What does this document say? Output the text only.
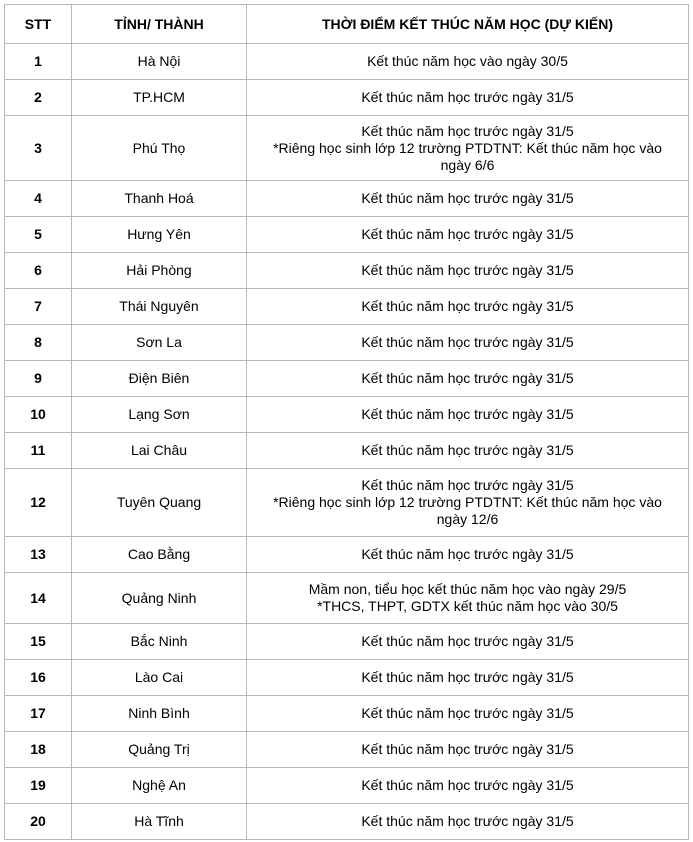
STT	TỈNH/ THÀNH	THỜI ĐIỂM KẾT THÚC NĂM HỌC (DỰ KIẾN)
1	Hà Nội	Kết thúc năm học vào ngày 30/5

2	TP.HCM	Kết thúc năm học trước ngày 31/5

3	Phú Thọ	Kết thúc năm học trước ngày 31/5
*Riêng học sinh lớp 12 trường PTDTNT: Kết thúc năm học vào
ngày 6/6

4	Thanh Hoá	Kết thúc năm học trước ngày 31/5

5	Hưng Yên	Kết thúc năm học trước ngày 31/5

6	Hải Phòng	Kết thúc năm học trước ngày 31/5

7	Thái Nguyên	Kết thúc năm học trước ngày 31/5

8	Sơn La	Kết thúc năm học trước ngày 31/5

9	Điện Biên	Kết thúc năm học trước ngày 31/5

10	Lạng Sơn	Kết thúc năm học trước ngày 31/5

11	Lai Châu	Kết thúc năm học trước ngày 31/5

12	Tuyên Quang	Kết thúc năm học trước ngày 31/5
*Riêng học sinh lớp 12 trường PTDTNT: Kết thúc năm học vào
ngày 12/6

13	Cao Bằng	Kết thúc năm học trước ngày 31/5

14	Quảng Ninh	Mầm non, tiểu học kết thúc năm học vào ngày 29/5
*THCS, THPT, GDTX kết thúc năm học vào 30/5

15	Bắc Ninh	Kết thúc năm học trước ngày 31/5

16	Lào Cai	Kết thúc năm học trước ngày 31/5

17	Ninh Bình	Kết thúc năm học trước ngày 31/5

18	Quảng Trị	Kết thúc năm học trước ngày 31/5

19	Nghệ An	Kết thúc năm học trước ngày 31/5

20	Hà Tĩnh	Kết thúc năm học trước ngày 31/5
